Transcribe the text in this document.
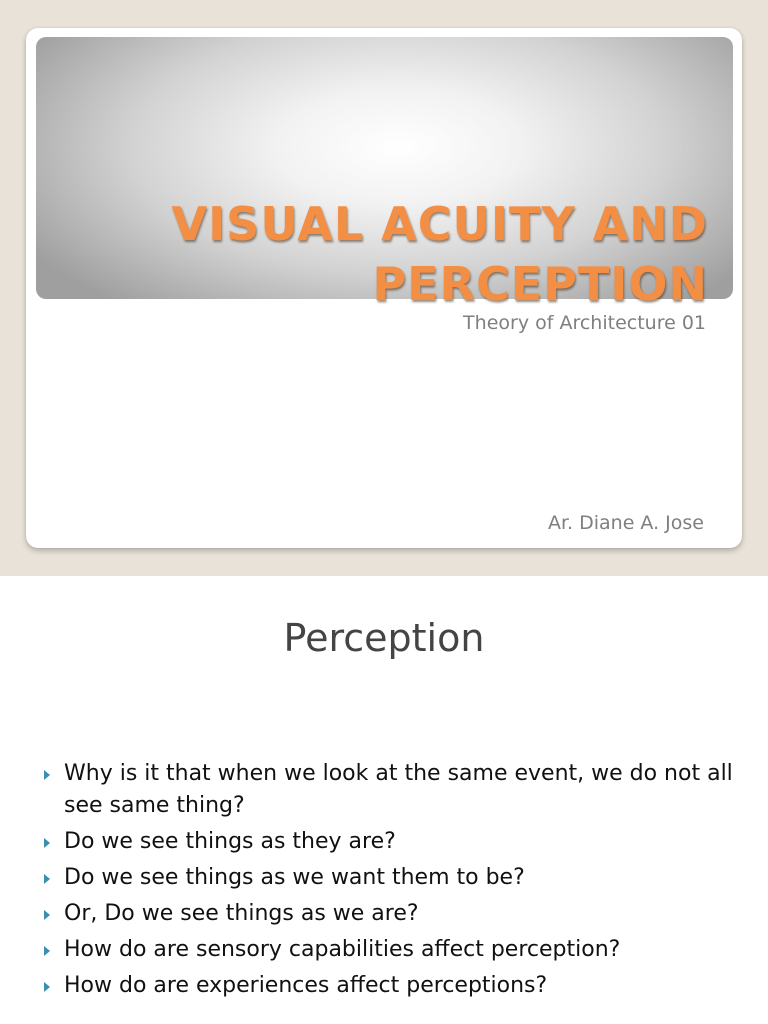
VISUAL ACUITY AND
PERCEPTION

Theory of Architecture 01

Ar. Diane A. Jose

Perception
Why is it that when we look at the same event, we do not all see same thing?
Do we see things as they are?
Do we see things as we want them to be?
Or, Do we see things as we are?
How do are sensory capabilities affect perception?
How do are experiences affect perceptions?
